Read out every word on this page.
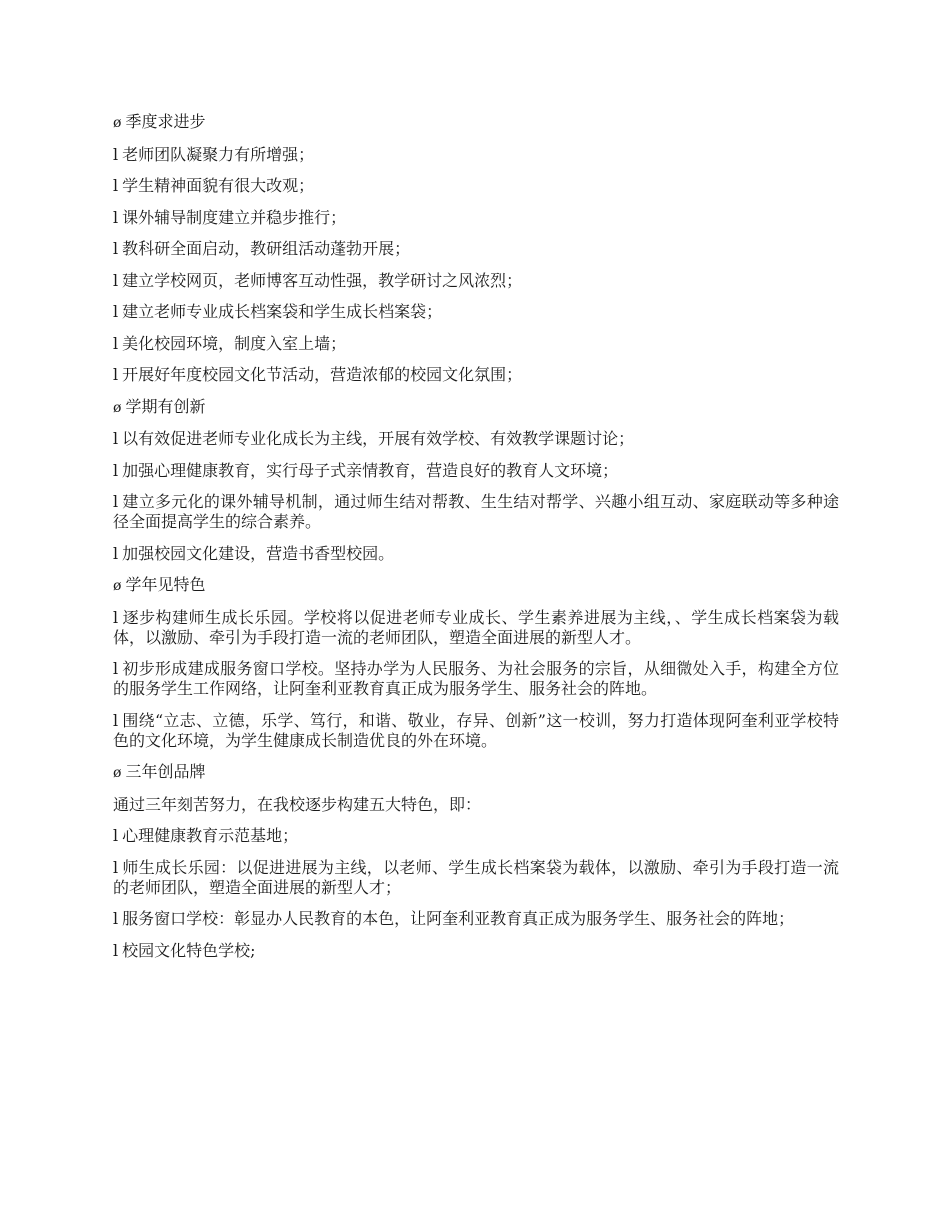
ø 季度求进步

l 老师团队凝聚力有所增强；

l 学生精神面貌有很大改观；

l 课外辅导制度建立并稳步推行；

l 教科研全面启动，教研组活动蓬勃开展；

l 建立学校网页，老师博客互动性强，教学研讨之风浓烈；

l 建立老师专业成长档案袋和学生成长档案袋；

l 美化校园环境，制度入室上墙；

l 开展好年度校园文化节活动，营造浓郁的校园文化氛围；

ø 学期有创新

l 以有效促进老师专业化成长为主线，开展有效学校、有效教学课题讨论；

l 加强心理健康教育，实行母子式亲情教育，营造良好的教育人文环境；

l 建立多元化的课外辅导机制，通过师生结对帮教、生生结对帮学、兴趣小组互动、家庭联动等多种途径全面提高学生的综合素养。

l 加强校园文化建设，营造书香型校园。

ø 学年见特色

l 逐步构建师生成长乐园。学校将以促进老师专业成长、学生素养进展为主线，、学生成长档案袋为载体，以激励、牵引为手段打造一流的老师团队，塑造全面进展的新型人才。

l 初步形成建成服务窗口学校。坚持办学为人民服务、为社会服务的宗旨，从细微处入手，构建全方位的服务学生工作网络，让阿奎利亚教育真正成为服务学生、服务社会的阵地。

l 围绕“立志、立德，乐学、笃行，和谐、敬业，存异、创新”这一校训，努力打造体现阿奎利亚学校特色的文化环境，为学生健康成长制造优良的外在环境。

ø 三年创品牌

通过三年刻苦努力，在我校逐步构建五大特色，即：

l 心理健康教育示范基地；

l 师生成长乐园：以促进进展为主线，以老师、学生成长档案袋为载体，以激励、牵引为手段打造一流的老师团队，塑造全面进展的新型人才；

l 服务窗口学校：彰显办人民教育的本色，让阿奎利亚教育真正成为服务学生、服务社会的阵地；

l 校园文化特色学校;
